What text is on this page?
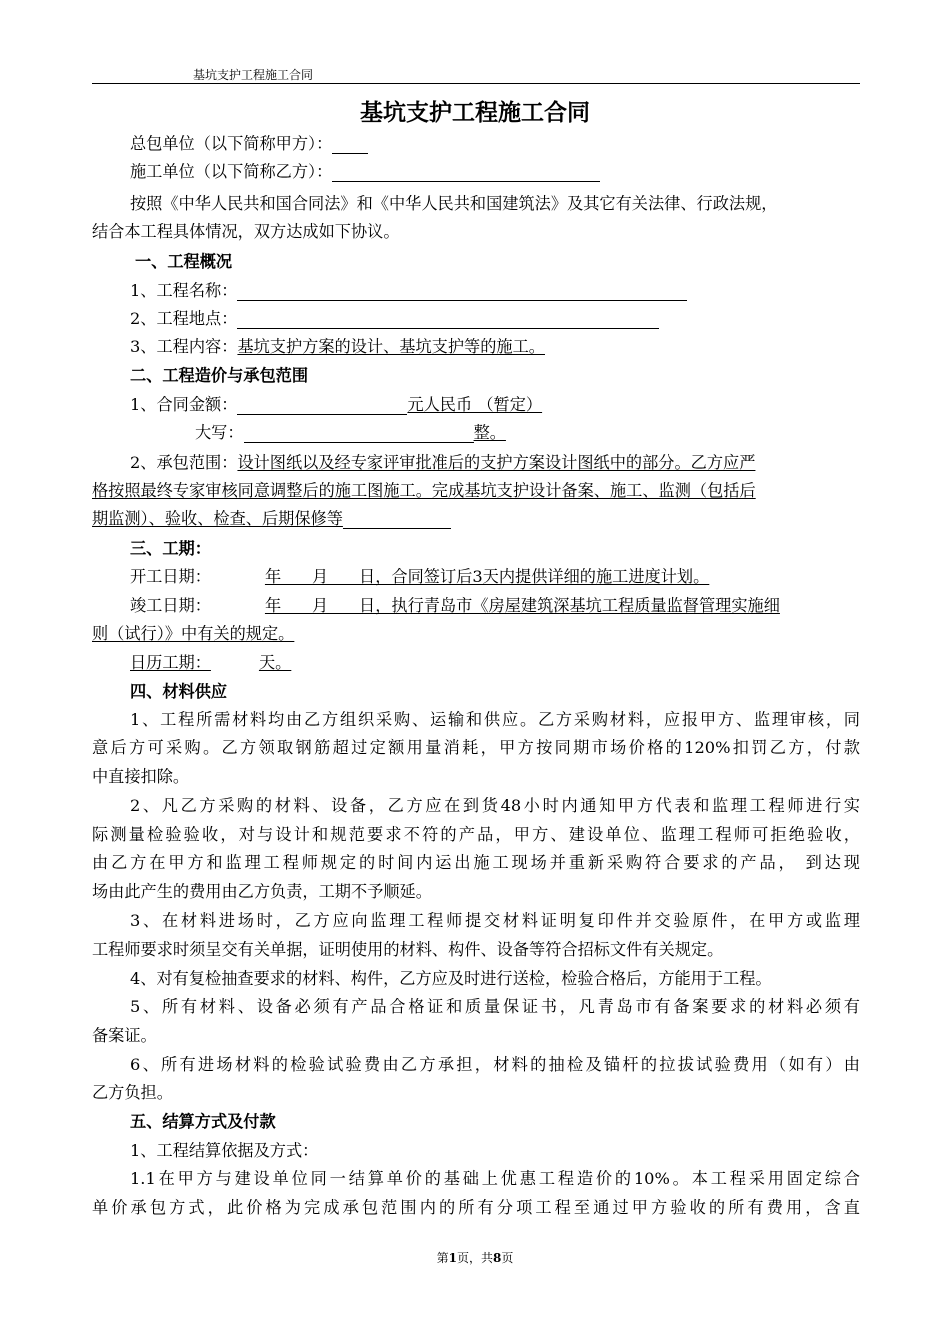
基坑支护工程施工合同
基坑支护工程施工合同
总包单位（以下简称甲方）：
施工单位（以下简称乙方）：
按照《中华人民共和国合同法》和《中华人民共和国建筑法》及其它有关法律、行政法规，
结合本工程具体情况，双方达成如下协议。
一、工程概况
1、工程名称：
2、工程地点：
3、工程内容：基坑支护方案的设计、基坑支护等的施工。
二、工程造价与承包范围
1、合同金额：	元人民币 （暂定）
大写：	整。
2、承包范围：设计图纸以及经专家评审批准后的支护方案设计图纸中的部分。乙方应严
格按照最终专家审核同意调整后的施工图施工。完成基坑支护设计备案、施工、监测（包括后
期监测）、验收、检查、后期保修等
三、工期：
开工日期：	年      月      日，合同签订后3天内提供详细的施工进度计划。
竣工日期：	年      月      日，执行青岛市《房屋建筑深基坑工程质量监督管理实施细
则（试行）》中有关的规定。
日历工期：	天。
四、材料供应
1、工程所需材料均由乙方组织采购、运输和供应。乙方采购材料，应报甲方、监理审核，同
意后方可采购。乙方领取钢筋超过定额用量消耗，甲方按同期市场价格的120%扣罚乙方，付款
中直接扣除。
2、凡乙方采购的材料、设备，乙方应在到货48小时内通知甲方代表和监理工程师进行实
际测量检验验收，对与设计和规范要求不符的产品，甲方、建设单位、监理工程师可拒绝验收，
由乙方在甲方和监理工程师规定的时间内运出施工现场并重新采购符合要求的产品， 到达现
场由此产生的费用由乙方负责，工期不予顺延。
3、在材料进场时，乙方应向监理工程师提交材料证明复印件并交验原件，在甲方或监理
工程师要求时须呈交有关单据，证明使用的材料、构件、设备等符合招标文件有关规定。
4、对有复检抽查要求的材料、构件，乙方应及时进行送检，检验合格后，方能用于工程。
5、所有材料、设备必须有产品合格证和质量保证书，凡青岛市有备案要求的材料必须有
备案证。
6、所有进场材料的检验试验费由乙方承担，材料的抽检及锚杆的拉拔试验费用（如有）由
乙方负担。
五、结算方式及付款
1、工程结算依据及方式：
1.1在甲方与建设单位同一结算单价的基础上优惠工程造价的10%。本工程采用固定综合
单价承包方式，此价格为完成承包范围内的所有分项工程至通过甲方验收的所有费用，含直
第1页，共8页
